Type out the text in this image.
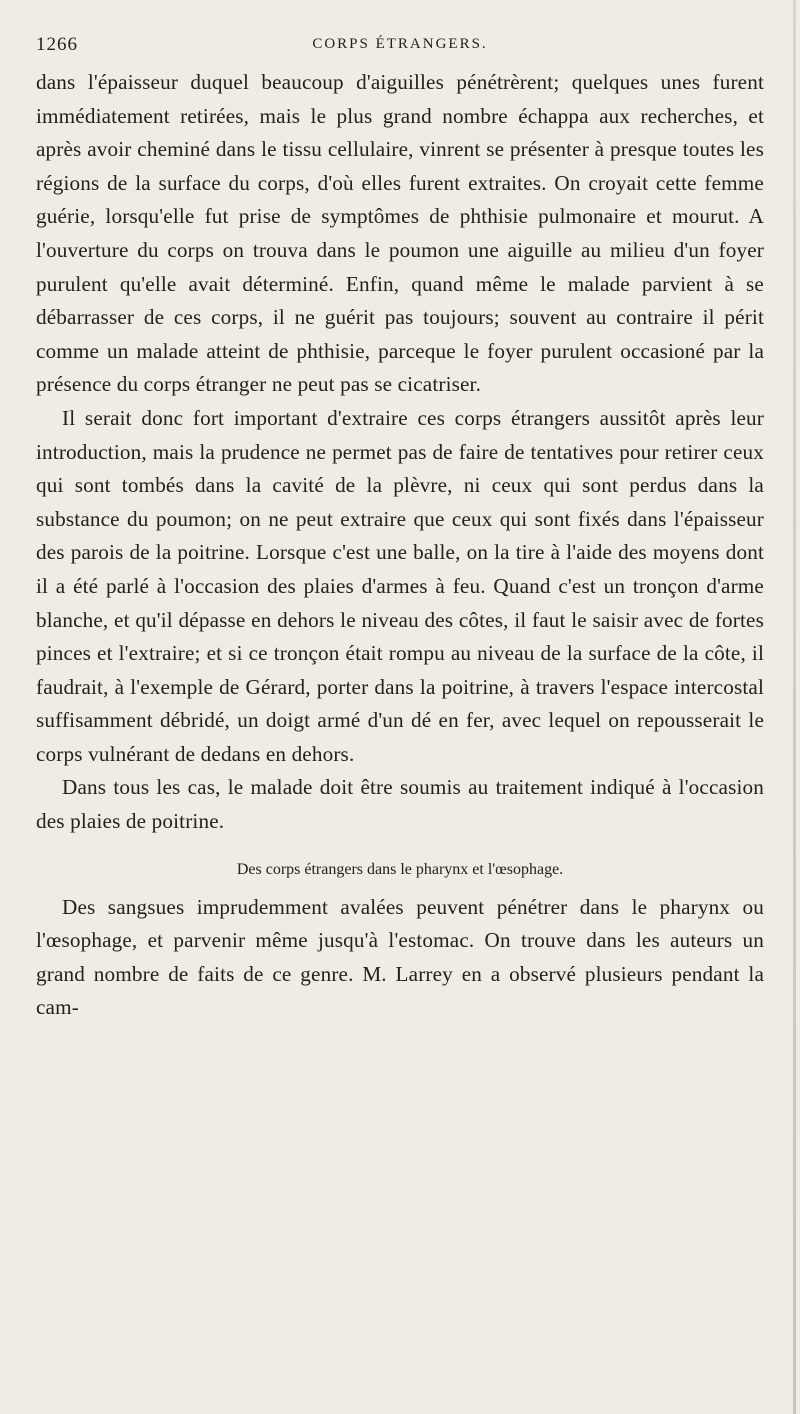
1266	CORPS ÉTRANGERS.

dans l'épaisseur duquel beaucoup d'aiguilles pénétrèrent; quelques unes furent immédiatement retirées, mais le plus grand nombre échappa aux recherches, et après avoir cheminé dans le tissu cellulaire, vinrent se présenter à presque toutes les régions de la surface du corps, d'où elles furent extraites. On croyait cette femme guérie, lorsqu'elle fut prise de symptômes de phthisie pulmonaire et mourut. A l'ouverture du corps on trouva dans le poumon une aiguille au milieu d'un foyer purulent qu'elle avait déterminé. Enfin, quand même le malade parvient à se débarrasser de ces corps, il ne guérit pas toujours; souvent au contraire il périt comme un malade atteint de phthisie, parceque le foyer purulent occasioné par la présence du corps étranger ne peut pas se cicatriser.

Il serait donc fort important d'extraire ces corps étrangers aussitôt après leur introduction, mais la prudence ne permet pas de faire de tentatives pour retirer ceux qui sont tombés dans la cavité de la plèvre, ni ceux qui sont perdus dans la substance du poumon; on ne peut extraire que ceux qui sont fixés dans l'épaisseur des parois de la poitrine. Lorsque c'est une balle, on la tire à l'aide des moyens dont il a été parlé à l'occasion des plaies d'armes à feu. Quand c'est un tronçon d'arme blanche, et qu'il dépasse en dehors le niveau des côtes, il faut le saisir avec de fortes pinces et l'extraire; et si ce tronçon était rompu au niveau de la surface de la côte, il faudrait, à l'exemple de Gérard, porter dans la poitrine, à travers l'espace intercostal suffisamment débridé, un doigt armé d'un dé en fer, avec lequel on repousserait le corps vulnérant de dedans en dehors.

Dans tous les cas, le malade doit être soumis au traitement indiqué à l'occasion des plaies de poitrine.

Des corps étrangers dans le pharynx et l'œsophage.

Des sangsues imprudemment avalées peuvent pénétrer dans le pharynx ou l'œsophage, et parvenir même jusqu'à l'estomac. On trouve dans les auteurs un grand nombre de faits de ce genre. M. Larrey en a observé plusieurs pendant la cam-
